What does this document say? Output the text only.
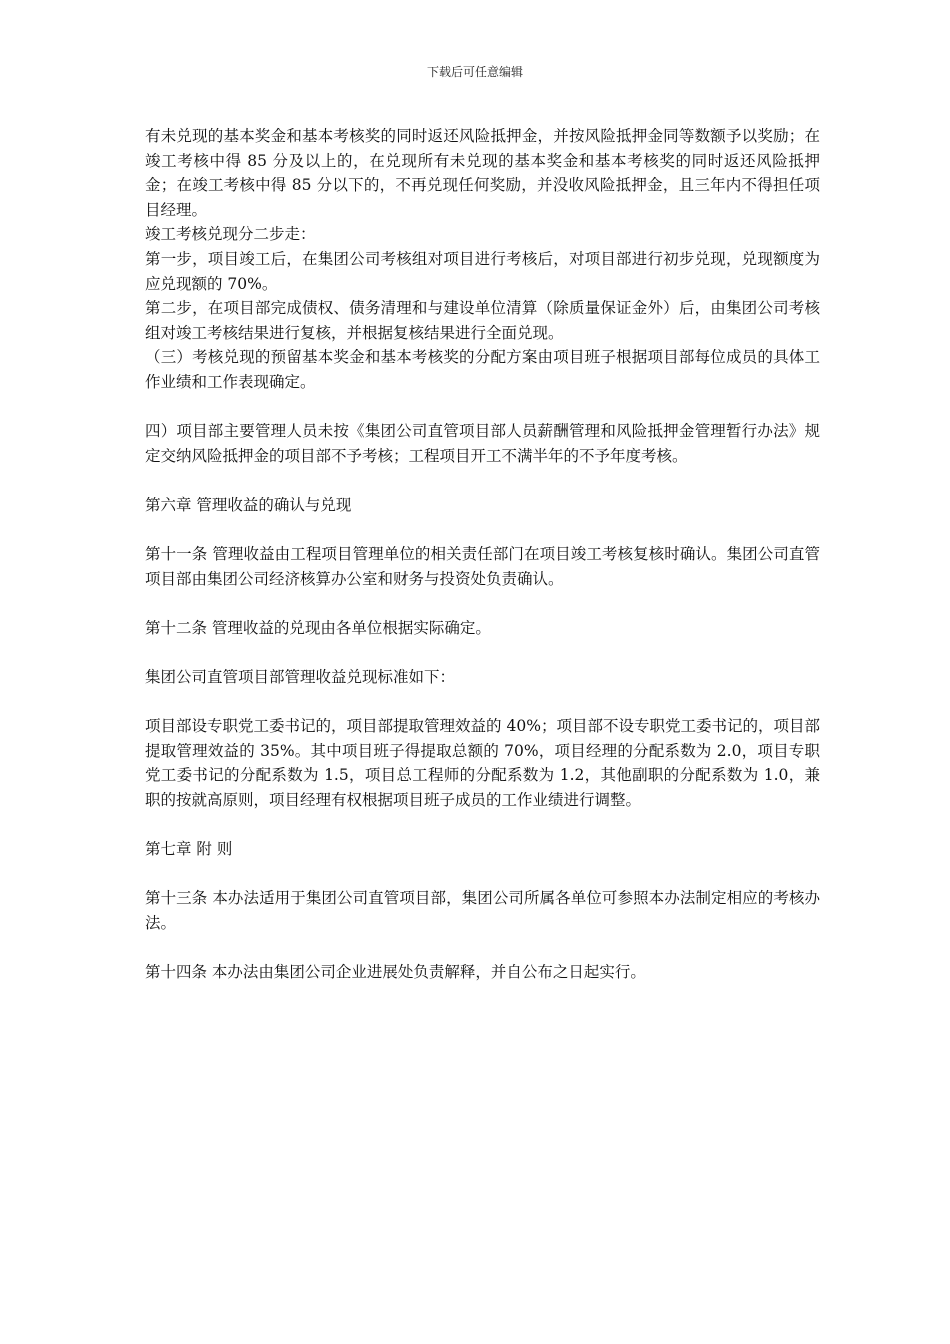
下载后可任意编辑

有未兑现的基本奖金和基本考核奖的同时返还风险抵押金，并按风险抵押金同等数额予以奖励；在竣工考核中得 85 分及以上的，在兑现所有未兑现的基本奖金和基本考核奖的同时返还风险抵押金；在竣工考核中得 85 分以下的，不再兑现任何奖励，并没收风险抵押金，且三年内不得担任项目经理。

竣工考核兑现分二步走：

第一步，项目竣工后，在集团公司考核组对项目进行考核后，对项目部进行初步兑现，兑现额度为应兑现额的 70%。

第二步，在项目部完成债权、债务清理和与建设单位清算（除质量保证金外）后，由集团公司考核组对竣工考核结果进行复核，并根据复核结果进行全面兑现。

（三）考核兑现的预留基本奖金和基本考核奖的分配方案由项目班子根据项目部每位成员的具体工作业绩和工作表现确定。

四）项目部主要管理人员未按《集团公司直管项目部人员薪酬管理和风险抵押金管理暂行办法》规定交纳风险抵押金的项目部不予考核；工程项目开工不满半年的不予年度考核。

第六章 管理收益的确认与兑现

第十一条 管理收益由工程项目管理单位的相关责任部门在项目竣工考核复核时确认。集团公司直管项目部由集团公司经济核算办公室和财务与投资处负责确认。

第十二条 管理收益的兑现由各单位根据实际确定。

集团公司直管项目部管理收益兑现标准如下：

项目部设专职党工委书记的，项目部提取管理效益的 40%；项目部不设专职党工委书记的，项目部提取管理效益的 35%。其中项目班子得提取总额的 70%，项目经理的分配系数为 2.0，项目专职党工委书记的分配系数为 1.5，项目总工程师的分配系数为 1.2，其他副职的分配系数为 1.0，兼职的按就高原则，项目经理有权根据项目班子成员的工作业绩进行调整。

第七章 附 则

第十三条 本办法适用于集团公司直管项目部，集团公司所属各单位可参照本办法制定相应的考核办法。

第十四条 本办法由集团公司企业进展处负责解释，并自公布之日起实行。
